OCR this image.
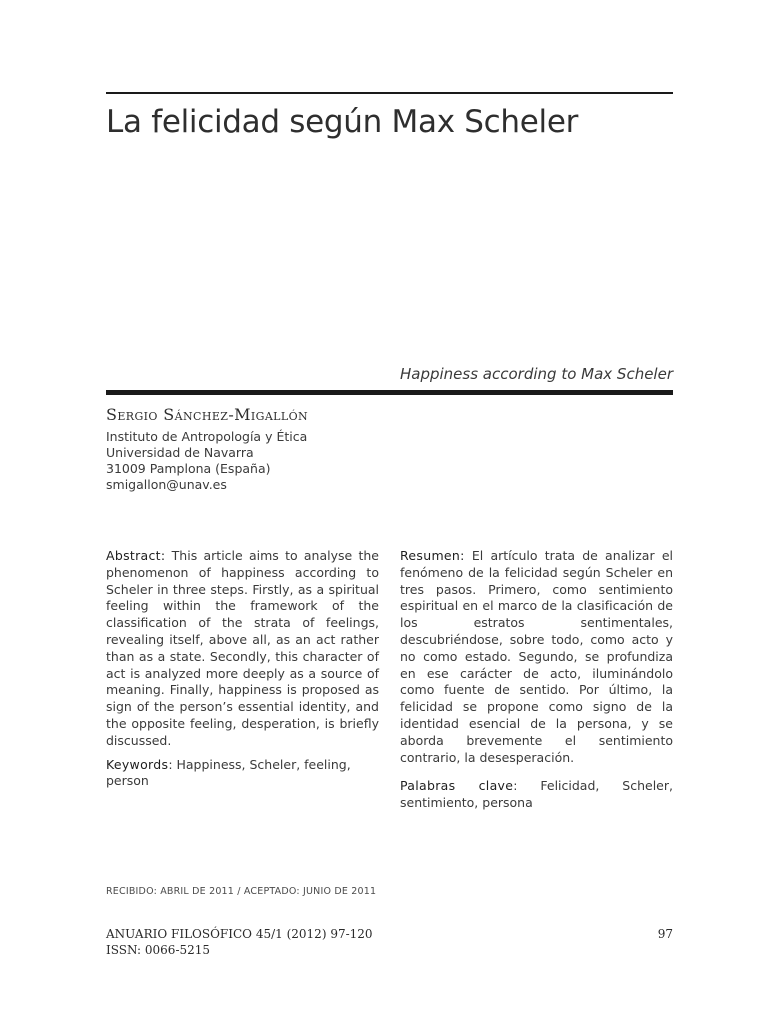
La felicidad según Max Scheler
Happiness according to Max Scheler
Sergio Sánchez-Migallón
Instituto de Antropología y Ética
Universidad de Navarra
31009 Pamplona (España)
smigallon@unav.es

Abstract: This article aims to analyse the phenomenon of happiness according to Scheler in three steps. Firstly, as a spiritual feeling within the framework of the classification of the strata of feelings, revealing itself, above all, as an act rather than as a state. Secondly, this character of act is analyzed more deeply as a source of meaning. Finally, happiness is proposed as sign of the person’s essential identity, and the opposite feeling, desperation, is briefly discussed.

Keywords: Happiness, Scheler, feeling, person

Resumen: El artículo trata de analizar el fenómeno de la felicidad según Scheler en tres pasos. Primero, como sentimiento espiritual en el marco de la clasificación de los estratos sentimentales, descubriéndose, sobre todo, como acto y no como estado. Segundo, se profundiza en ese carácter de acto, iluminándolo como fuente de sentido. Por último, la felicidad se propone como signo de la identidad esencial de la persona, y se aborda brevemente el sentimiento contrario, la desesperación.

Palabras clave: Felicidad, Scheler, sentimiento, persona

RECIBIDO: ABRIL DE 2011 / ACEPTADO: JUNIO DE 2011
ANUARIO FILOSÓFICO 45/1 (2012) 97-120
ISSN: 0066-5215
97
